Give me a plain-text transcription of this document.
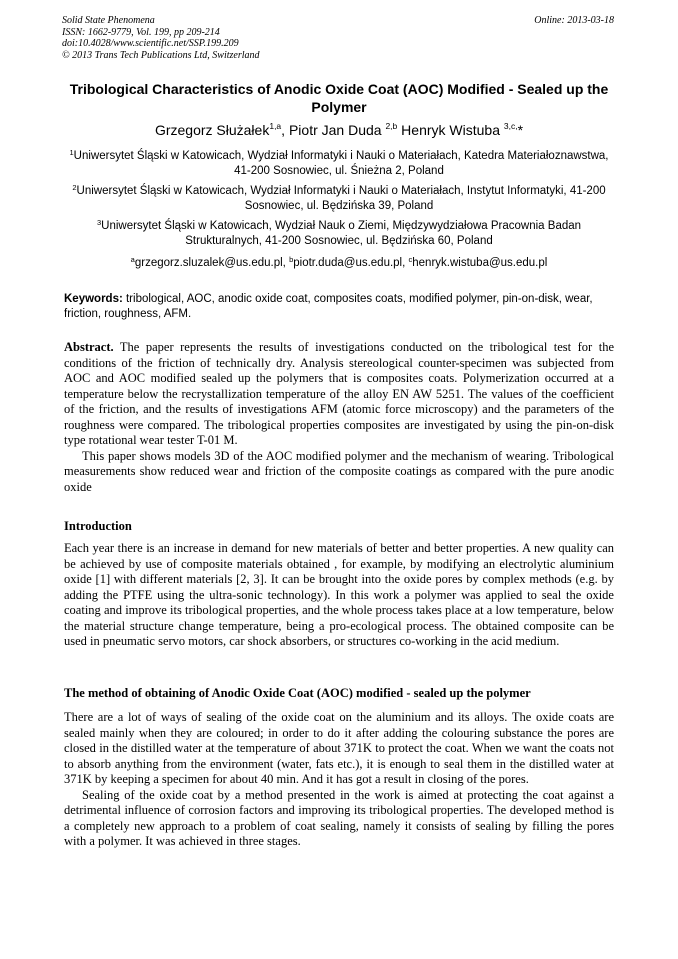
Solid State Phenomena
ISSN: 1662-9779, Vol. 199, pp 209-214
doi:10.4028/www.scientific.net/SSP.199.209
© 2013 Trans Tech Publications Ltd, Switzerland
Online: 2013-03-18
Tribological Characteristics of Anodic Oxide Coat (AOC) Modified - Sealed up the Polymer
Grzegorz Służałek$^{1,a}$, Piotr Jan Duda $^{2,b}$ Henryk Wistuba $^{3,c,}$*
$^1$Uniwersytet Śląski w Katowicach, Wydział Informatyki i Nauki o Materiałach, Katedra Materiałoznawstwa, 41-200 Sosnowiec, ul. Śnieżna 2, Poland
$^2$Uniwersytet Śląski w Katowicach, Wydział Informatyki i Nauki o Materiałach, Instytut Informatyki, 41-200 Sosnowiec, ul. Będzińska 39, Poland
$^3$Uniwersytet Śląski w Katowicach, Wydział Nauk o Ziemi, Międzywydziałowa Pracownia Badan Strukturalnych, 41-200 Sosnowiec, ul. Będzińska 60, Poland
$^a$grzegorz.sluzalek@us.edu.pl, $^b$piotr.duda@us.edu.pl, $^c$henryk.wistuba@us.edu.pl
Keywords: tribological, AOC, anodic oxide coat, composites coats, modified polymer, pin-on-disk, wear, friction, roughness, AFM.

Abstract. The paper represents the results of investigations conducted on the tribological test for the conditions of the friction of technically dry. Analysis stereological counter-specimen was subjected from AOC and AOC modified sealed up the polymers that is composites coats. Polymerization occurred at a temperature below the recrystallization temperature of the alloy EN AW 5251. The values of the coefficient of the friction, and the results of investigations AFM (atomic force microscopy) and the parameters of the roughness were compared. The tribological properties composites are investigated by using the pin-on-disk type rotational wear tester T-01 M.

This paper shows models 3D of the AOC modified polymer and the mechanism of wearing. Tribological measurements show reduced wear and friction of the composite coatings as compared with the pure anodic oxide

Introduction

Each year there is an increase in demand for new materials of better and better properties. A new quality can be achieved by use of composite materials obtained , for example, by modifying an electrolytic aluminium oxide [1] with different materials [2, 3]. It can be brought into the oxide pores by complex methods (e.g. by adding the PTFE using the ultra-sonic technology). In this work a polymer was applied to seal the oxide coating and improve its tribological properties, and the whole process takes place at a low temperature, below the material structure change temperature, being a pro-ecological process. The obtained composite can be used in pneumatic servo motors, car shock absorbers, or structures co-working in the acid medium.

The method of obtaining of Anodic Oxide Coat (AOC) modified - sealed up the polymer

There are a lot of ways of sealing of the oxide coat on the aluminium and its alloys. The oxide coats are sealed mainly when they are coloured; in order to do it after adding the colouring substance the pores are closed in the distilled water at the temperature of about 371K to protect the coat. When we want the coats not to absorb anything from the environment (water, fats etc.), it is enough to seal them in the distilled water at 371K by keeping a specimen for about 40 min. And it has got a result in closing of the pores.

Sealing of the oxide coat by a method presented in the work is aimed at protecting the coat against a detrimental influence of corrosion factors and improving its tribological properties. The developed method is a completely new approach to a problem of coat sealing, namely it consists of sealing by filling the pores with a polymer. It was achieved in three stages.
